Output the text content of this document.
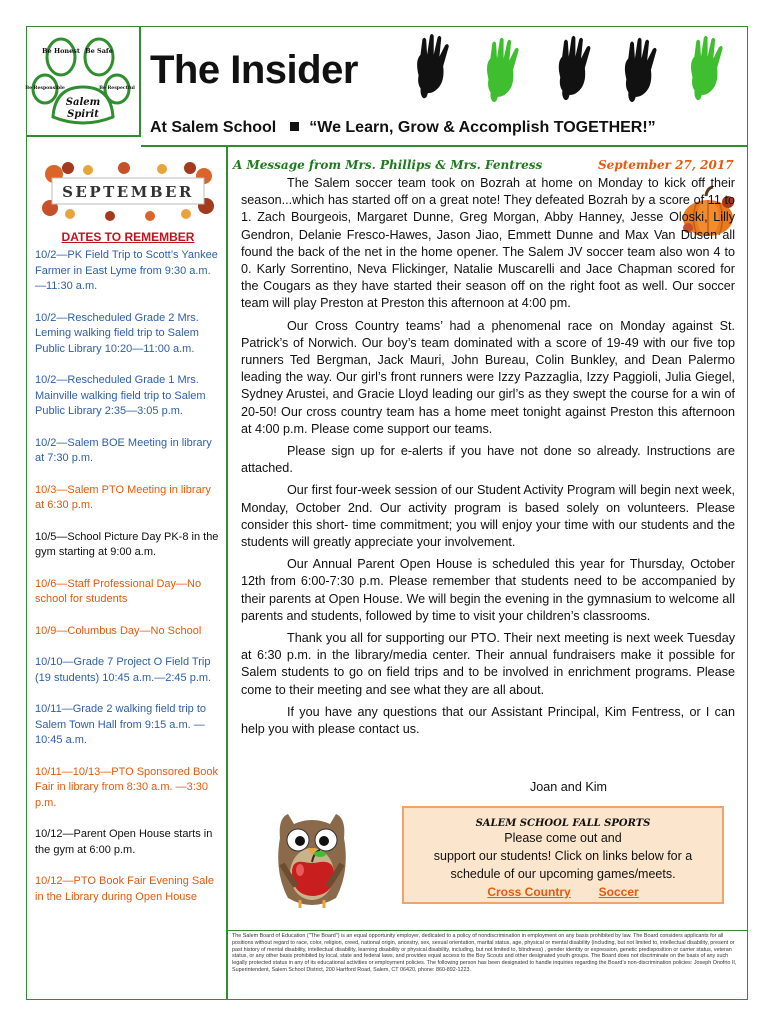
Be Honest Be Safe
Be Responsible	Be Respectful
Salem
Spirit
The Insider
At Salem School “We Learn, Grow & Accomplish TOGETHER!”
SEPTEMBER
DATES TO REMEMBER
10/2—PK Field Trip to Scott’s Yankee Farmer in East Lyme from 9:30 a.m.—11:30 a.m.
10/2—Rescheduled Grade 2 Mrs. Leming walking field trip to Salem Public Library 10:20—11:00 a.m.
10/2—Rescheduled Grade 1 Mrs. Mainville walking field trip to Salem Public Library 2:35—3:05 p.m.
10/2—Salem BOE Meeting in library at 7:30 p.m.
10/3—Salem PTO Meeting in library at 6:30 p.m.
10/5—School Picture Day PK-8 in the gym starting at 9:00 a.m.
10/6—Staff Professional Day—No school for students
10/9—Columbus Day—No School
10/10—Grade 7 Project O Field Trip (19 students) 10:45 a.m.—2:45 p.m.
10/11—Grade 2 walking field trip to Salem Town Hall from 9:15 a.m. —10:45 a.m.
10/11—10/13—PTO Sponsored Book Fair in library from 8:30 a.m. —3:30 p.m.
10/12—Parent Open House starts in the gym at 6:00 p.m.
10/12—PTO Book Fair Evening Sale in the Library during Open House
A Message from Mrs. Phillips & Mrs. Fentress	September 27, 2017

The Salem soccer team took on Bozrah at home on Monday to kick off their season...which has started off on a great note! They defeated Bozrah by a score of 11 to 1. Zach Bourgeois, Margaret Dunne, Greg Morgan, Abby Hanney, Jesse Oloski, Lilly Gendron, Delanie Fresco-Hawes, Jason Jiao, Emmett Dunne and Max Van Dusen all found the back of the net in the home opener. The Salem JV soccer team also won 4 to 0. Karly Sorrentino, Neva Flickinger, Natalie Muscarelli and Jace Chapman scored for the Cougars as they have started their season off on the right foot as well. Our soccer team will play Preston at Preston this afternoon at 4:00 pm.

Our Cross Country teams’ had a phenomenal race on Monday against St. Patrick’s of Norwich. Our boy’s team dominated with a score of 19-49 with our five top runners Ted Bergman, Jack Mauri, John Bureau, Colin Bunkley, and Dean Palermo leading the way. Our girl’s front runners were Izzy Pazzaglia, Izzy Paggioli, Julia Giegel, Sydney Arustei, and Gracie Lloyd leading our girl’s as they swept the course for a win of 20-50! Our cross country team has a home meet tonight against Preston this afternoon at 4:00 p.m. Please come support our teams.

Please sign up for e-alerts if you have not done so already. Instructions are attached.

Our first four-week session of our Student Activity Program will begin next week, Monday, October 2nd. Our activity program is based solely on volunteers. Please consider this short- time commitment; you will enjoy your time with our students and the students will greatly appreciate your involvement.

Our Annual Parent Open House is scheduled this year for Thursday, October 12th from 6:00-7:30 p.m. Please remember that students need to be accompanied by their parents at Open House. We will begin the evening in the gymnasium to welcome all parents and students, followed by time to visit your children’s classrooms.

Thank you all for supporting our PTO. Their next meeting is next week Tuesday at 6:30 p.m. in the library/media center. Their annual fundraisers make it possible for Salem students to go on field trips and to be involved in enrichment programs. Please come to their meeting and see what they are all about.

If you have any questions that our Assistant Principal, Kim Fentress, or I can help you with please contact us.

Joan and Kim
SALEM SCHOOL FALL SPORTS
Please come out and
support our students! Click on links below for a
schedule of our upcoming games/meets.
Cross Country Soccer
The Salem Board of Education ("The Board") is an equal opportunity employer, dedicated to a policy of nondiscrimination in employment on any basis prohibited by law. The Board considers applicants for all positions without regard to race, color, religion, creed, national origin, ancestry, sex, sexual orientation, marital status, age, physical or mental disability (including, but not limited to, intellectual disability, present or past history of mental disability, intellectual disability, learning disability or physical disability, including, but not limited to, blindness) , gender identity or expression, genetic predisposition or carrier status, veteran status, or any other basis prohibited by local, state and federal laws, and provides equal access to the Boy Scouts and other designated youth groups. The Board does not discriminate on the basis of any such legally protected status in any of its educational activities or employment policies. The following person has been designated to handle inquiries regarding the Board’s non-discrimination policies: Joseph Onofrio II, Superintendent, Salem School District, 200 Hartford Road, Salem, CT 06420, phone: 860-892-1223.
